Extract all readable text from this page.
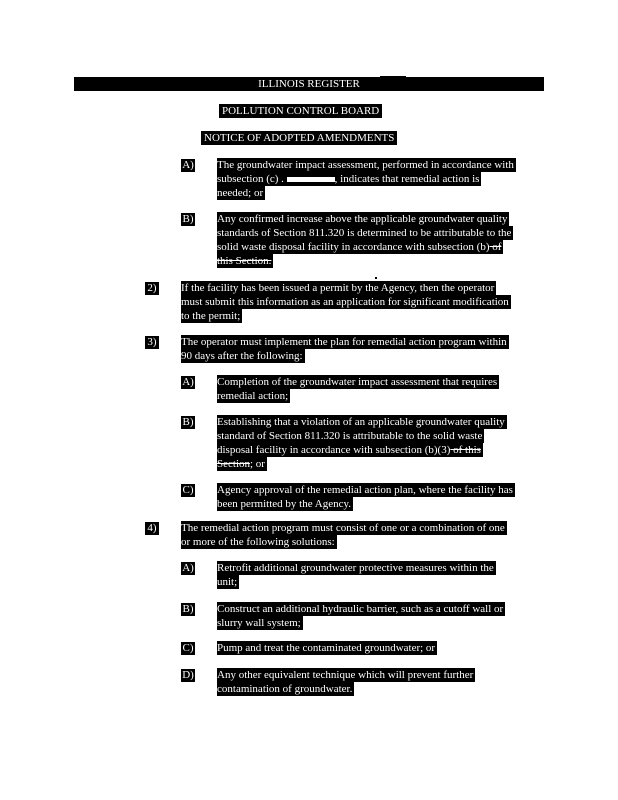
ILLINOIS REGISTER
POLLUTION CONTROL BOARD
NOTICE OF ADOPTED AMENDMENTS
A) The groundwater impact assessment, performed in accordance with
subsection (c) .	, indicates that remedial action is
needed; or
B) Any confirmed increase above the applicable groundwater quality
standards of Section 811.320 is determined to be attributable to the
solid waste disposal facility in accordance with subsection (b) of
this Section.
2) If the facility has been issued a permit by the Agency, then the operator
must submit this information as an application for significant modification
to the permit;
3) The operator must implement the plan for remedial action program within
90 days after the following:
A) Completion of the groundwater impact assessment that requires
remedial action;
B) Establishing that a violation of an applicable groundwater quality
standard of Section 811.320 is attributable to the solid waste
disposal facility in accordance with subsection (b)(3) of this
Section; or
C) Agency approval of the remedial action plan, where the facility has
been permitted by the Agency.
4) The remedial action program must consist of one or a combination of one
or more of the following solutions:
A) Retrofit additional groundwater protective measures within the
unit;
B) Construct an additional hydraulic barrier, such as a cutoff wall or
slurry wall system;
C) Pump and treat the contaminated groundwater; or
D) Any other equivalent technique which will prevent further
contamination of groundwater.
